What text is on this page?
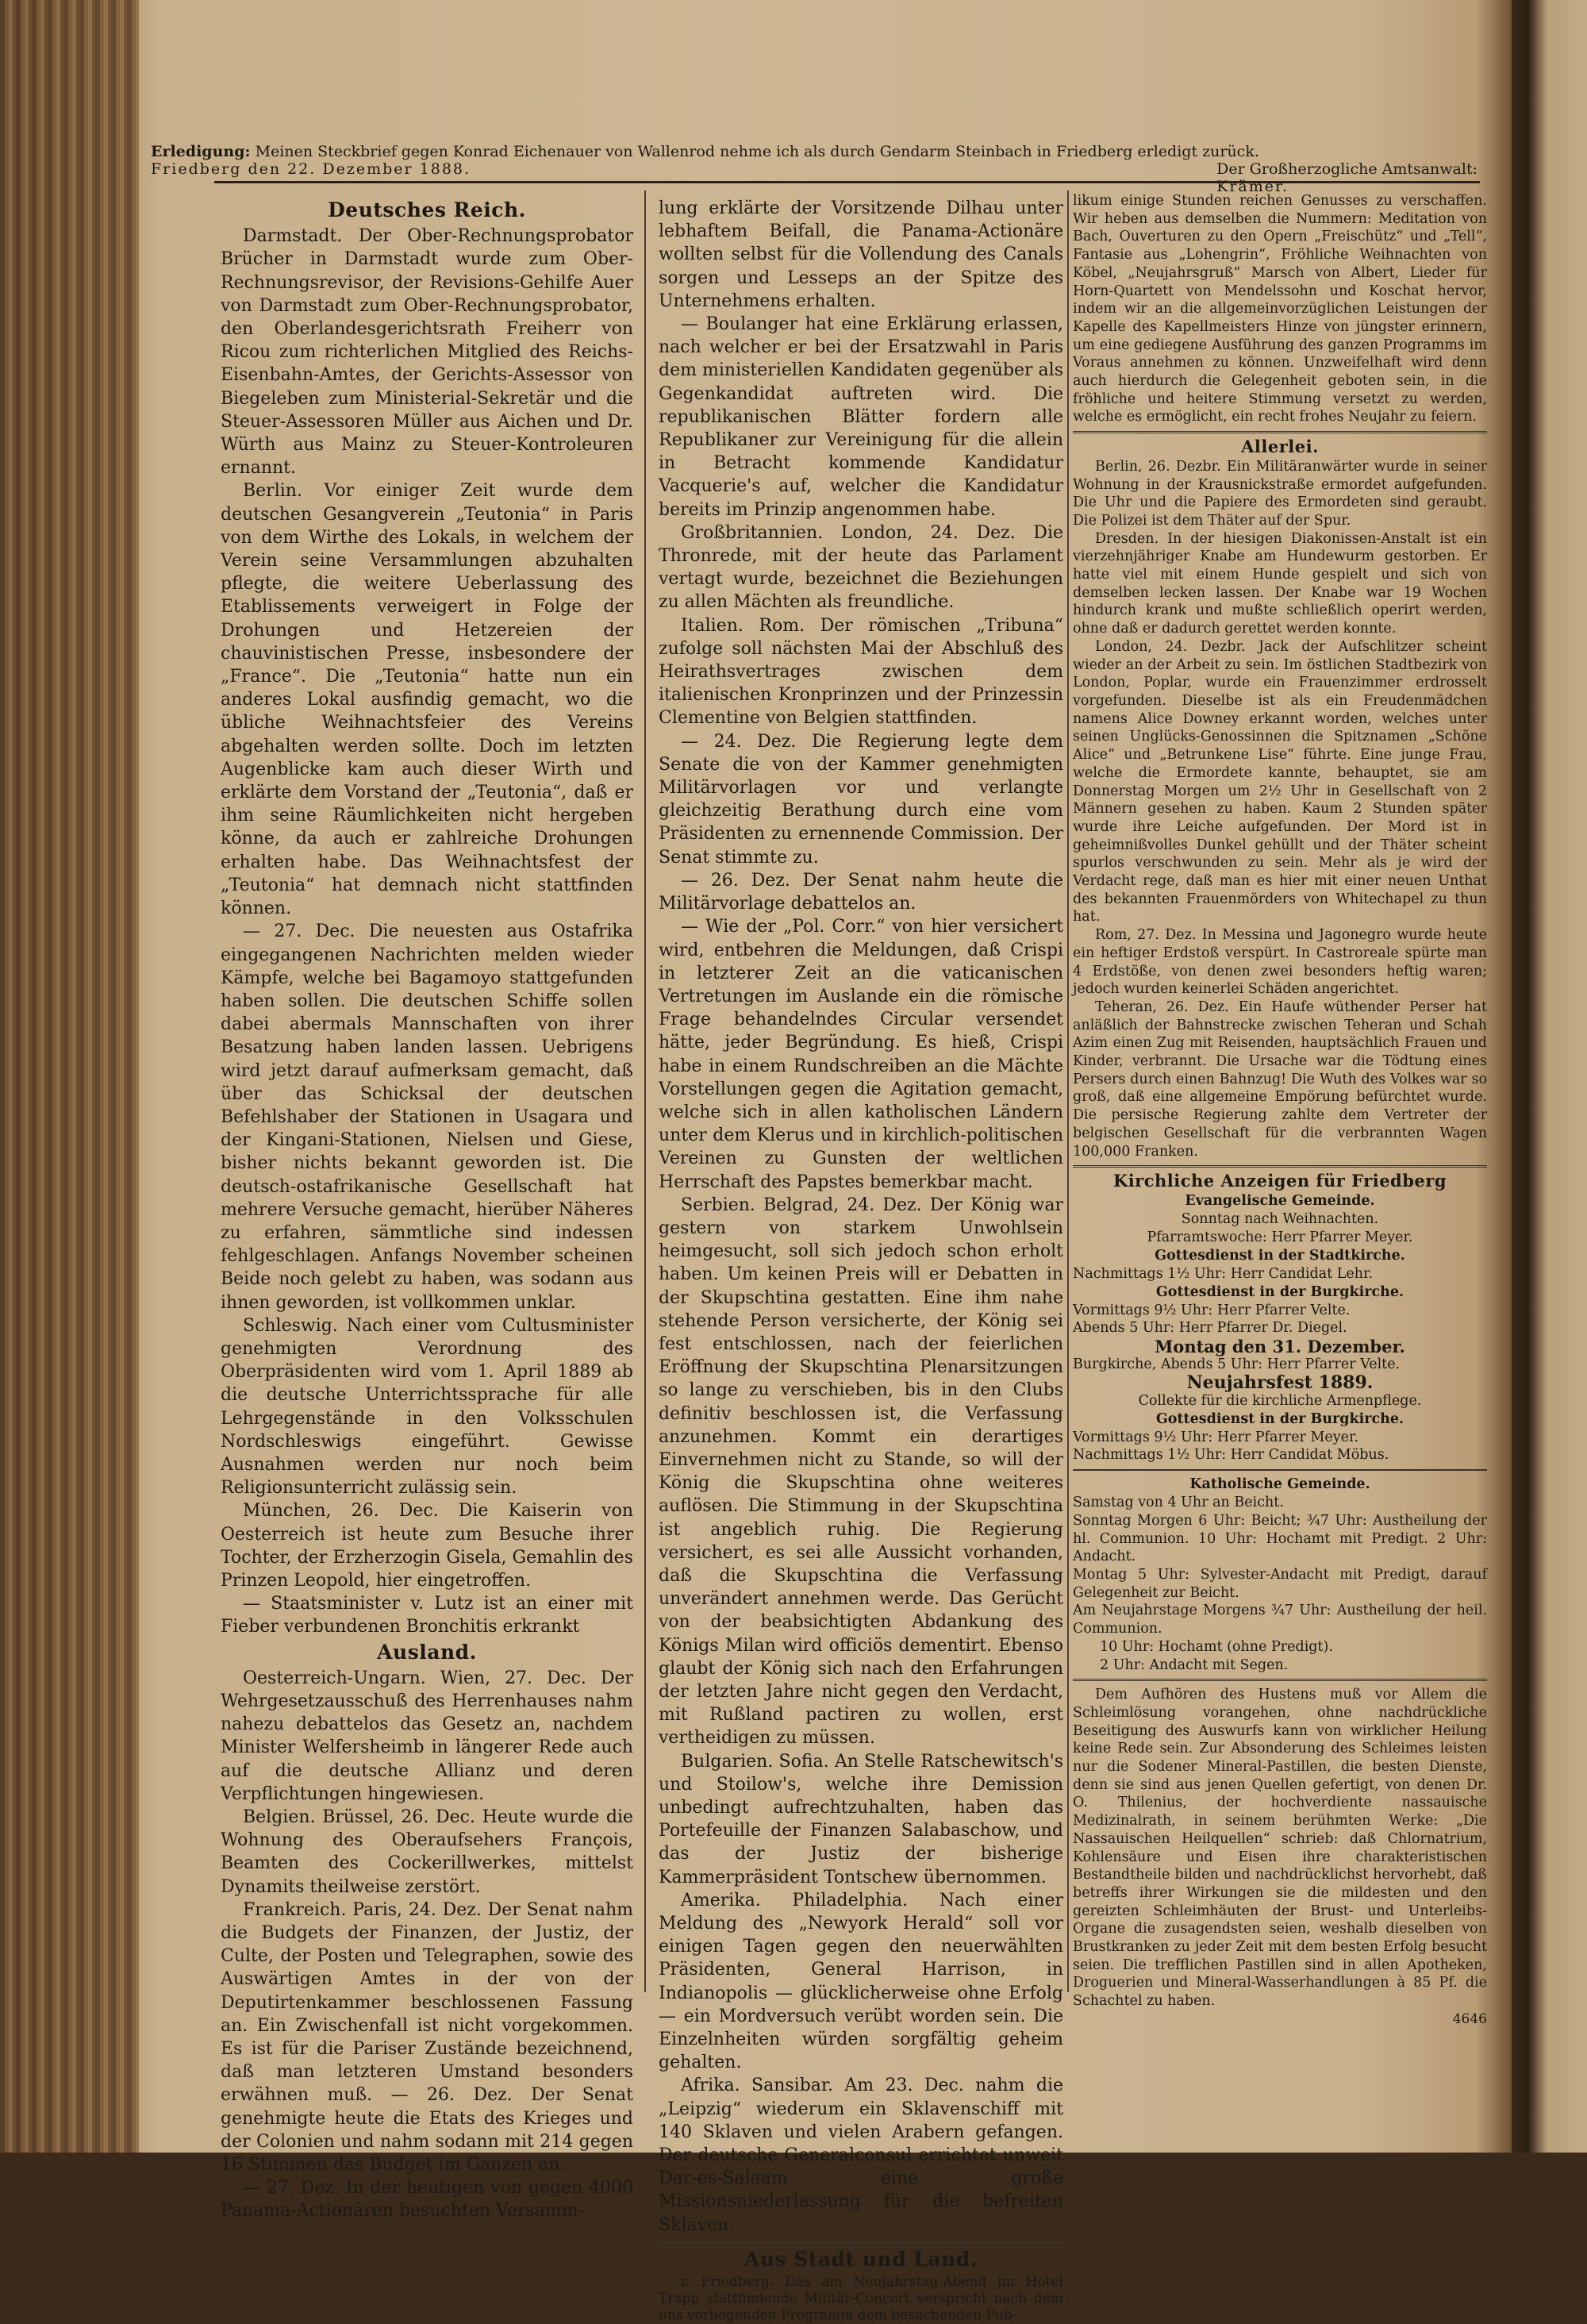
Erledigung: Meinen Steckbrief gegen Konrad Eichenauer von Wallenrod nehme ich als durch Gendarm Steinbach in Friedberg erledigt zurück.
Friedberg den 22. Dezember 1888.	Der Großherzogliche Amtsanwalt:
Krämer.
Deutsches Reich.

Darmstadt. Der Ober-Rechnungsprobator Brücher in Darmstadt wurde zum Ober-Rechnungsrevisor, der Revisions-Gehilfe Auer von Darmstadt zum Ober-Rechnungsprobator, den Oberlandesgerichtsrath Freiherr von Ricou zum richterlichen Mitglied des Reichs-Eisenbahn-Amtes, der Gerichts-Assessor von Biegeleben zum Ministerial-Sekretär und die Steuer-Assessoren Müller aus Aichen und Dr. Würth aus Mainz zu Steuer-Kontroleuren ernannt.

Berlin. Vor einiger Zeit wurde dem deutschen Gesangverein „Teutonia“ in Paris von dem Wirthe des Lokals, in welchem der Verein seine Versammlungen abzuhalten pflegte, die weitere Ueberlassung des Etablissements verweigert in Folge der Drohungen und Hetzereien der chauvinistischen Presse, insbesondere der „France“. Die „Teutonia“ hatte nun ein anderes Lokal ausfindig gemacht, wo die übliche Weihnachtsfeier des Vereins abgehalten werden sollte. Doch im letzten Augenblicke kam auch dieser Wirth und erklärte dem Vorstand der „Teutonia“, daß er ihm seine Räumlichkeiten nicht hergeben könne, da auch er zahlreiche Drohungen erhalten habe. Das Weihnachtsfest der „Teutonia“ hat demnach nicht stattfinden können.

— 27. Dec. Die neuesten aus Ostafrika eingegangenen Nachrichten melden wieder Kämpfe, welche bei Bagamoyo stattgefunden haben sollen. Die deutschen Schiffe sollen dabei abermals Mannschaften von ihrer Besatzung haben landen lassen. Uebrigens wird jetzt darauf aufmerksam gemacht, daß über das Schicksal der deutschen Befehlshaber der Stationen in Usagara und der Kingani-Stationen, Nielsen und Giese, bisher nichts bekannt geworden ist. Die deutsch-ostafrikanische Gesellschaft hat mehrere Versuche gemacht, hierüber Näheres zu erfahren, sämmtliche sind indessen fehlgeschlagen. Anfangs November scheinen Beide noch gelebt zu haben, was sodann aus ihnen geworden, ist vollkommen unklar.

Schleswig. Nach einer vom Cultusminister genehmigten Verordnung des Oberpräsidenten wird vom 1. April 1889 ab die deutsche Unterrichtssprache für alle Lehrgegenstände in den Volksschulen Nordschleswigs eingeführt. Gewisse Ausnahmen werden nur noch beim Religionsunterricht zulässig sein.

München, 26. Dec. Die Kaiserin von Oesterreich ist heute zum Besuche ihrer Tochter, der Erzherzogin Gisela, Gemahlin des Prinzen Leopold, hier eingetroffen.

— Staatsminister v. Lutz ist an einer mit Fieber verbundenen Bronchitis erkrankt

Ausland.

Oesterreich-Ungarn. Wien, 27. Dec. Der Wehrgesetzausschuß des Herrenhauses nahm nahezu debattelos das Gesetz an, nachdem Minister Welfersheimb in längerer Rede auch auf die deutsche Allianz und deren Verpflichtungen hingewiesen.

Belgien. Brüssel, 26. Dec. Heute wurde die Wohnung des Oberaufsehers François, Beamten des Cockerillwerkes, mittelst Dynamits theilweise zerstört.

Frankreich. Paris, 24. Dez. Der Senat nahm die Budgets der Finanzen, der Justiz, der Culte, der Posten und Telegraphen, sowie des Auswärtigen Amtes in der von der Deputirtenkammer beschlossenen Fassung an. Ein Zwischenfall ist nicht vorgekommen. Es ist für die Pariser Zustände bezeichnend, daß man letzteren Umstand besonders erwähnen muß. — 26. Dez. Der Senat genehmigte heute die Etats des Krieges und der Colonien und nahm sodann mit 214 gegen 16 Stimmen das Budget im Ganzen an.

— 27. Dez. In der heutigen von gegen 4000 Panama-Actionären besuchten Versamm-

lung erklärte der Vorsitzende Dilhau unter lebhaftem Beifall, die Panama-Actionäre wollten selbst für die Vollendung des Canals sorgen und Lesseps an der Spitze des Unternehmens erhalten.

— Boulanger hat eine Erklärung erlassen, nach welcher er bei der Ersatzwahl in Paris dem ministeriellen Kandidaten gegenüber als Gegenkandidat auftreten wird. Die republikanischen Blätter fordern alle Republikaner zur Vereinigung für die allein in Betracht kommende Kandidatur Vacquerie's auf, welcher die Kandidatur bereits im Prinzip angenommen habe.

Großbritannien. London, 24. Dez. Die Thronrede, mit der heute das Parlament vertagt wurde, bezeichnet die Beziehungen zu allen Mächten als freundliche.

Italien. Rom. Der römischen „Tribuna“ zufolge soll nächsten Mai der Abschluß des Heirathsvertrages zwischen dem italienischen Kronprinzen und der Prinzessin Clementine von Belgien stattfinden.

— 24. Dez. Die Regierung legte dem Senate die von der Kammer genehmigten Militärvorlagen vor und verlangte gleichzeitig Berathung durch eine vom Präsidenten zu ernennende Commission. Der Senat stimmte zu.

— 26. Dez. Der Senat nahm heute die Militärvorlage debattelos an.

— Wie der „Pol. Corr.“ von hier versichert wird, entbehren die Meldungen, daß Crispi in letzterer Zeit an die vaticanischen Vertretungen im Auslande ein die römische Frage behandelndes Circular versendet hätte, jeder Begründung. Es hieß, Crispi habe in einem Rundschreiben an die Mächte Vorstellungen gegen die Agitation gemacht, welche sich in allen katholischen Ländern unter dem Klerus und in kirchlich-politischen Vereinen zu Gunsten der weltlichen Herrschaft des Papstes bemerkbar macht.

Serbien. Belgrad, 24. Dez. Der König war gestern von starkem Unwohlsein heimgesucht, soll sich jedoch schon erholt haben. Um keinen Preis will er Debatten in der Skupschtina gestatten. Eine ihm nahe stehende Person versicherte, der König sei fest entschlossen, nach der feierlichen Eröffnung der Skupschtina Plenarsitzungen so lange zu verschieben, bis in den Clubs definitiv beschlossen ist, die Verfassung anzunehmen. Kommt ein derartiges Einvernehmen nicht zu Stande, so will der König die Skupschtina ohne weiteres auflösen. Die Stimmung in der Skupschtina ist angeblich ruhig. Die Regierung versichert, es sei alle Aussicht vorhanden, daß die Skupschtina die Verfassung unverändert annehmen werde. Das Gerücht von der beabsichtigten Abdankung des Königs Milan wird officiös dementirt. Ebenso glaubt der König sich nach den Erfahrungen der letzten Jahre nicht gegen den Verdacht, mit Rußland pactiren zu wollen, erst vertheidigen zu müssen.

Bulgarien. Sofia. An Stelle Ratschewitsch's und Stoilow's, welche ihre Demission unbedingt aufrechtzuhalten, haben das Portefeuille der Finanzen Salabaschow, und das der Justiz der bisherige Kammerpräsident Tontschew übernommen.

Amerika. Philadelphia. Nach einer Meldung des „Newyork Herald“ soll vor einigen Tagen gegen den neuerwählten Präsidenten, General Harrison, in Indianopolis — glücklicherweise ohne Erfolg — ein Mordversuch verübt worden sein. Die Einzelnheiten würden sorgfältig geheim gehalten.

Afrika. Sansibar. Am 23. Dec. nahm die „Leipzig“ wiederum ein Sklavenschiff mit 140 Sklaven und vielen Arabern gefangen. Der deutsche Generalconsul errichtet unweit Dar-es-Salaam eine große Missionsniederlassung für die befreiten Sklaven.

Aus Stadt und Land.

r. Friedberg. Das am Neujahrstag-Abend im Hotel Trapp stattfindende Militär-Concert verspricht nach dem uns vorliegenden Programm dem besuchenden Pub-

likum einige Stunden reichen Genusses zu verschaffen. Wir heben aus demselben die Nummern: Meditation von Bach, Ouverturen zu den Opern „Freischütz“ und „Tell“, Fantasie aus „Lohengrin“, Fröhliche Weihnachten von Köbel, „Neujahrsgruß“ Marsch von Albert, Lieder für Horn-Quartett von Mendelssohn und Koschat hervor, indem wir an die allgemeinvorzüglichen Leistungen der Kapelle des Kapellmeisters Hinze von jüngster erinnern, um eine gediegene Ausführung des ganzen Programms im Voraus annehmen zu können. Unzweifelhaft wird denn auch hierdurch die Gelegenheit geboten sein, in die fröhliche und heitere Stimmung versetzt zu werden, welche es ermöglicht, ein recht frohes Neujahr zu feiern.

Allerlei.

Berlin, 26. Dezbr. Ein Militäranwärter wurde in seiner Wohnung in der Krausnickstraße ermordet aufgefunden. Die Uhr und die Papiere des Ermordeten sind geraubt. Die Polizei ist dem Thäter auf der Spur.

Dresden. In der hiesigen Diakonissen-Anstalt ist ein vierzehnjähriger Knabe am Hundewurm gestorben. Er hatte viel mit einem Hunde gespielt und sich von demselben lecken lassen. Der Knabe war 19 Wochen hindurch krank und mußte schließlich operirt werden, ohne daß er dadurch gerettet werden konnte.

London, 24. Dezbr. Jack der Aufschlitzer scheint wieder an der Arbeit zu sein. Im östlichen Stadtbezirk von London, Poplar, wurde ein Frauenzimmer erdrosselt vorgefunden. Dieselbe ist als ein Freudenmädchen namens Alice Downey erkannt worden, welches unter seinen Unglücks-Genossinnen die Spitznamen „Schöne Alice“ und „Betrunkene Lise“ führte. Eine junge Frau, welche die Ermordete kannte, behauptet, sie am Donnerstag Morgen um 2½ Uhr in Gesellschaft von 2 Männern gesehen zu haben. Kaum 2 Stunden später wurde ihre Leiche aufgefunden. Der Mord ist in geheimnißvolles Dunkel gehüllt und der Thäter scheint spurlos verschwunden zu sein. Mehr als je wird der Verdacht rege, daß man es hier mit einer neuen Unthat des bekannten Frauenmörders von Whitechapel zu thun hat.

Rom, 27. Dez. In Messina und Jagonegro wurde heute ein heftiger Erdstoß verspürt. In Castroreale spürte man 4 Erdstöße, von denen zwei besonders heftig waren; jedoch wurden keinerlei Schäden angerichtet.

Teheran, 26. Dez. Ein Haufe wüthender Perser hat anläßlich der Bahnstrecke zwischen Teheran und Schah Azim einen Zug mit Reisenden, hauptsächlich Frauen und Kinder, verbrannt. Die Ursache war die Tödtung eines Persers durch einen Bahnzug! Die Wuth des Volkes war so groß, daß eine allgemeine Empörung befürchtet wurde. Die persische Regierung zahlte dem Vertreter der belgischen Gesellschaft für die verbrannten Wagen 100,000 Franken.

Kirchliche Anzeigen für Friedberg
Evangelische Gemeinde.
Sonntag nach Weihnachten.
Pfarramtswoche: Herr Pfarrer Meyer.
Gottesdienst in der Stadtkirche.
Nachmittags 1½ Uhr: Herr Candidat Lehr.
Gottesdienst in der Burgkirche.
Vormittags 9½ Uhr: Herr Pfarrer Velte.
Abends 5 Uhr: Herr Pfarrer Dr. Diegel.
Montag den 31. Dezember.
Burgkirche, Abends 5 Uhr: Herr Pfarrer Velte.
Neujahrsfest 1889.
Collekte für die kirchliche Armenpflege.
Gottesdienst in der Burgkirche.
Vormittags 9½ Uhr: Herr Pfarrer Meyer.
Nachmittags 1½ Uhr: Herr Candidat Möbus.
Katholische Gemeinde.
Samstag von 4 Uhr an Beicht.
Sonntag Morgen 6 Uhr: Beicht; ¾7 Uhr: Austheilung der hl. Communion. 10 Uhr: Hochamt mit Predigt. 2 Uhr: Andacht.
Montag 5 Uhr: Sylvester-Andacht mit Predigt, darauf Gelegenheit zur Beicht.
Am Neujahrstage Morgens ¾7 Uhr: Austheilung der heil. Communion.
10 Uhr: Hochamt (ohne Predigt).
2 Uhr: Andacht mit Segen.

Dem Aufhören des Hustens muß vor Allem die Schleimlösung vorangehen, ohne nachdrückliche Beseitigung des Auswurfs kann von wirklicher Heilung keine Rede sein. Zur Absonderung des Schleimes leisten nur die Sodener Mineral-Pastillen, die besten Dienste, denn sie sind aus jenen Quellen gefertigt, von denen Dr. O. Thilenius, der hochverdiente nassauische Medizinalrath, in seinem berühmten Werke: „Die Nassauischen Heilquellen“ schrieb: daß Chlornatrium, Kohlensäure und Eisen ihre charakteristischen Bestandtheile bilden und nachdrücklichst hervorhebt, daß betreffs ihrer Wirkungen sie die mildesten und den gereizten Schleimhäuten der Brust- und Unterleibs-Organe die zusagendsten seien, weshalb dieselben von Brustkranken zu jeder Zeit mit dem besten Erfolg besucht seien. Die trefflichen Pastillen sind in allen Apotheken, Droguerien und Mineral-Wasserhandlungen à 85 Pf. die Schachtel zu haben.

4646
